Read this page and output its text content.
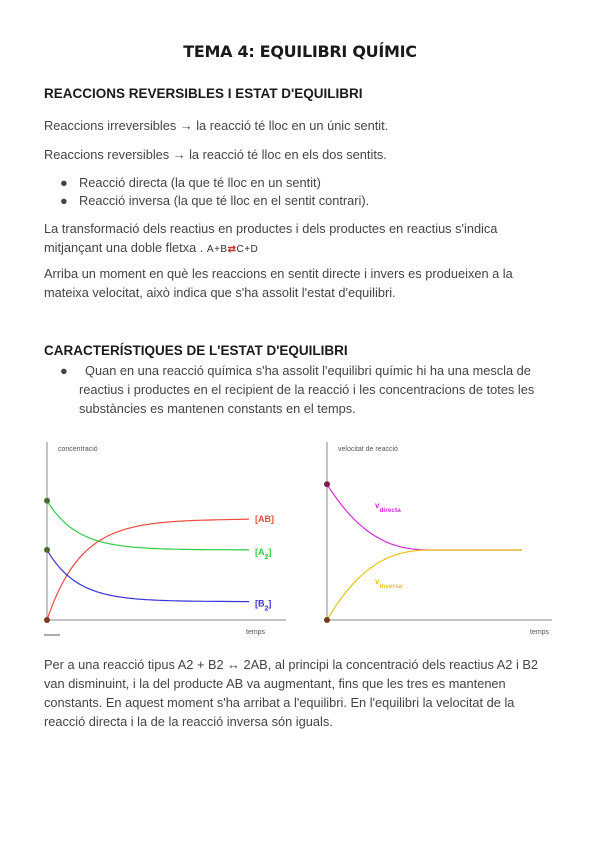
TEMA 4: EQUILIBRI QUÍMIC
REACCIONS REVERSIBLES I ESTAT D'EQUILIBRI
Reaccions irreversibles → la reacció té lloc en un únic sentit.
Reaccions reversibles → la reacció té lloc en els dos sentits.
● Reacció directa (la que té lloc en un sentit)
● Reacció inversa (la que té lloc en el sentit contrari).
La transformació dels reactius en productes i dels productes en reactius s'indica
mitjançant una doble fletxa . A+B⇄C+D
Arriba un moment en què les reaccions en sentit directe i invers es produeixen a la mateixa velocitat, això indica que s'ha assolit l'estat d'equilibri.
CARACTERÍSTIQUES DE L'ESTAT D'EQUILIBRI
●	Quan en una reacció química s'ha assolit l'equilibri químic hi ha una mescla de reactius i productes en el recipient de la reacció i les concentracions de totes les substàncies es mantenen constants en el temps.
concentració
temps
[AB]
$[A_2]$
$[B_2]$
velocitat de reacció
temps
$v_{directa}$
$v_{inversa}$
Per a una reacció tipus A2 + B2 ↔ 2AB, al principi la concentració dels reactius A2 i B2 van disminuint, i la del producte AB va augmentant, fins que les tres es mantenen constants. En aquest moment s'ha arribat a l'equilibri. En l'equilibri la velocitat de la reacció directa i la de la reacció inversa són iguals.
